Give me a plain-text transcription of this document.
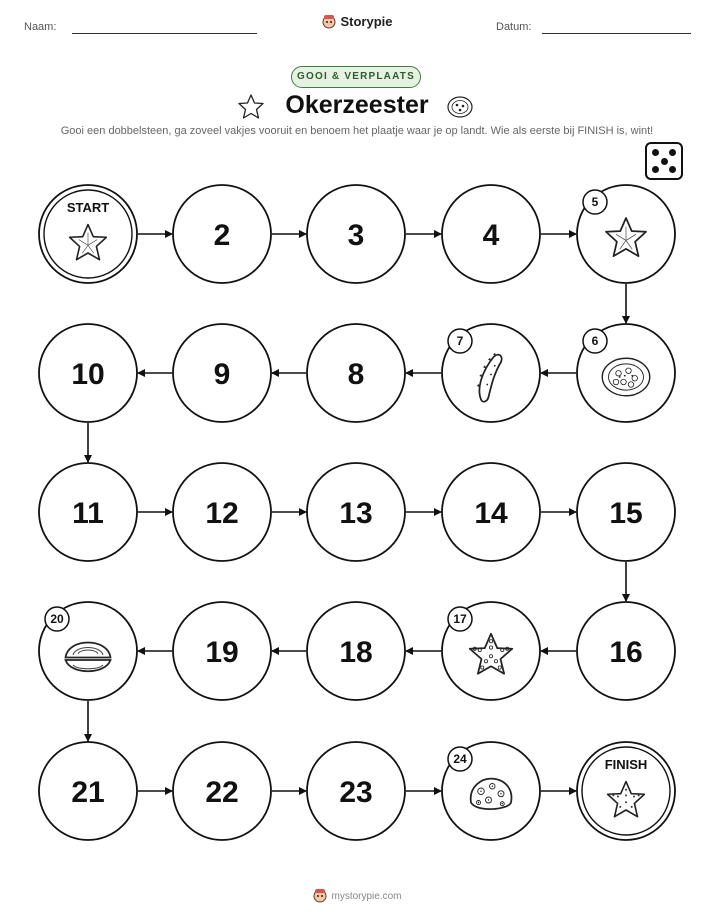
Naam:	Storypie	Datum:
GOOI & VERPLAATS
Okerzeester
Gooi een dobbelsteen, ga zoveel vakjes vooruit en benoem het plaatje waar je op landt. Wie als eerste bij FINISH is, wint!
START
2	3	4
5
6
7
8
9
10
11	12	13	14	15
16
17
18
19
20
21	22	23
24	FINISH
mystorypie.com
